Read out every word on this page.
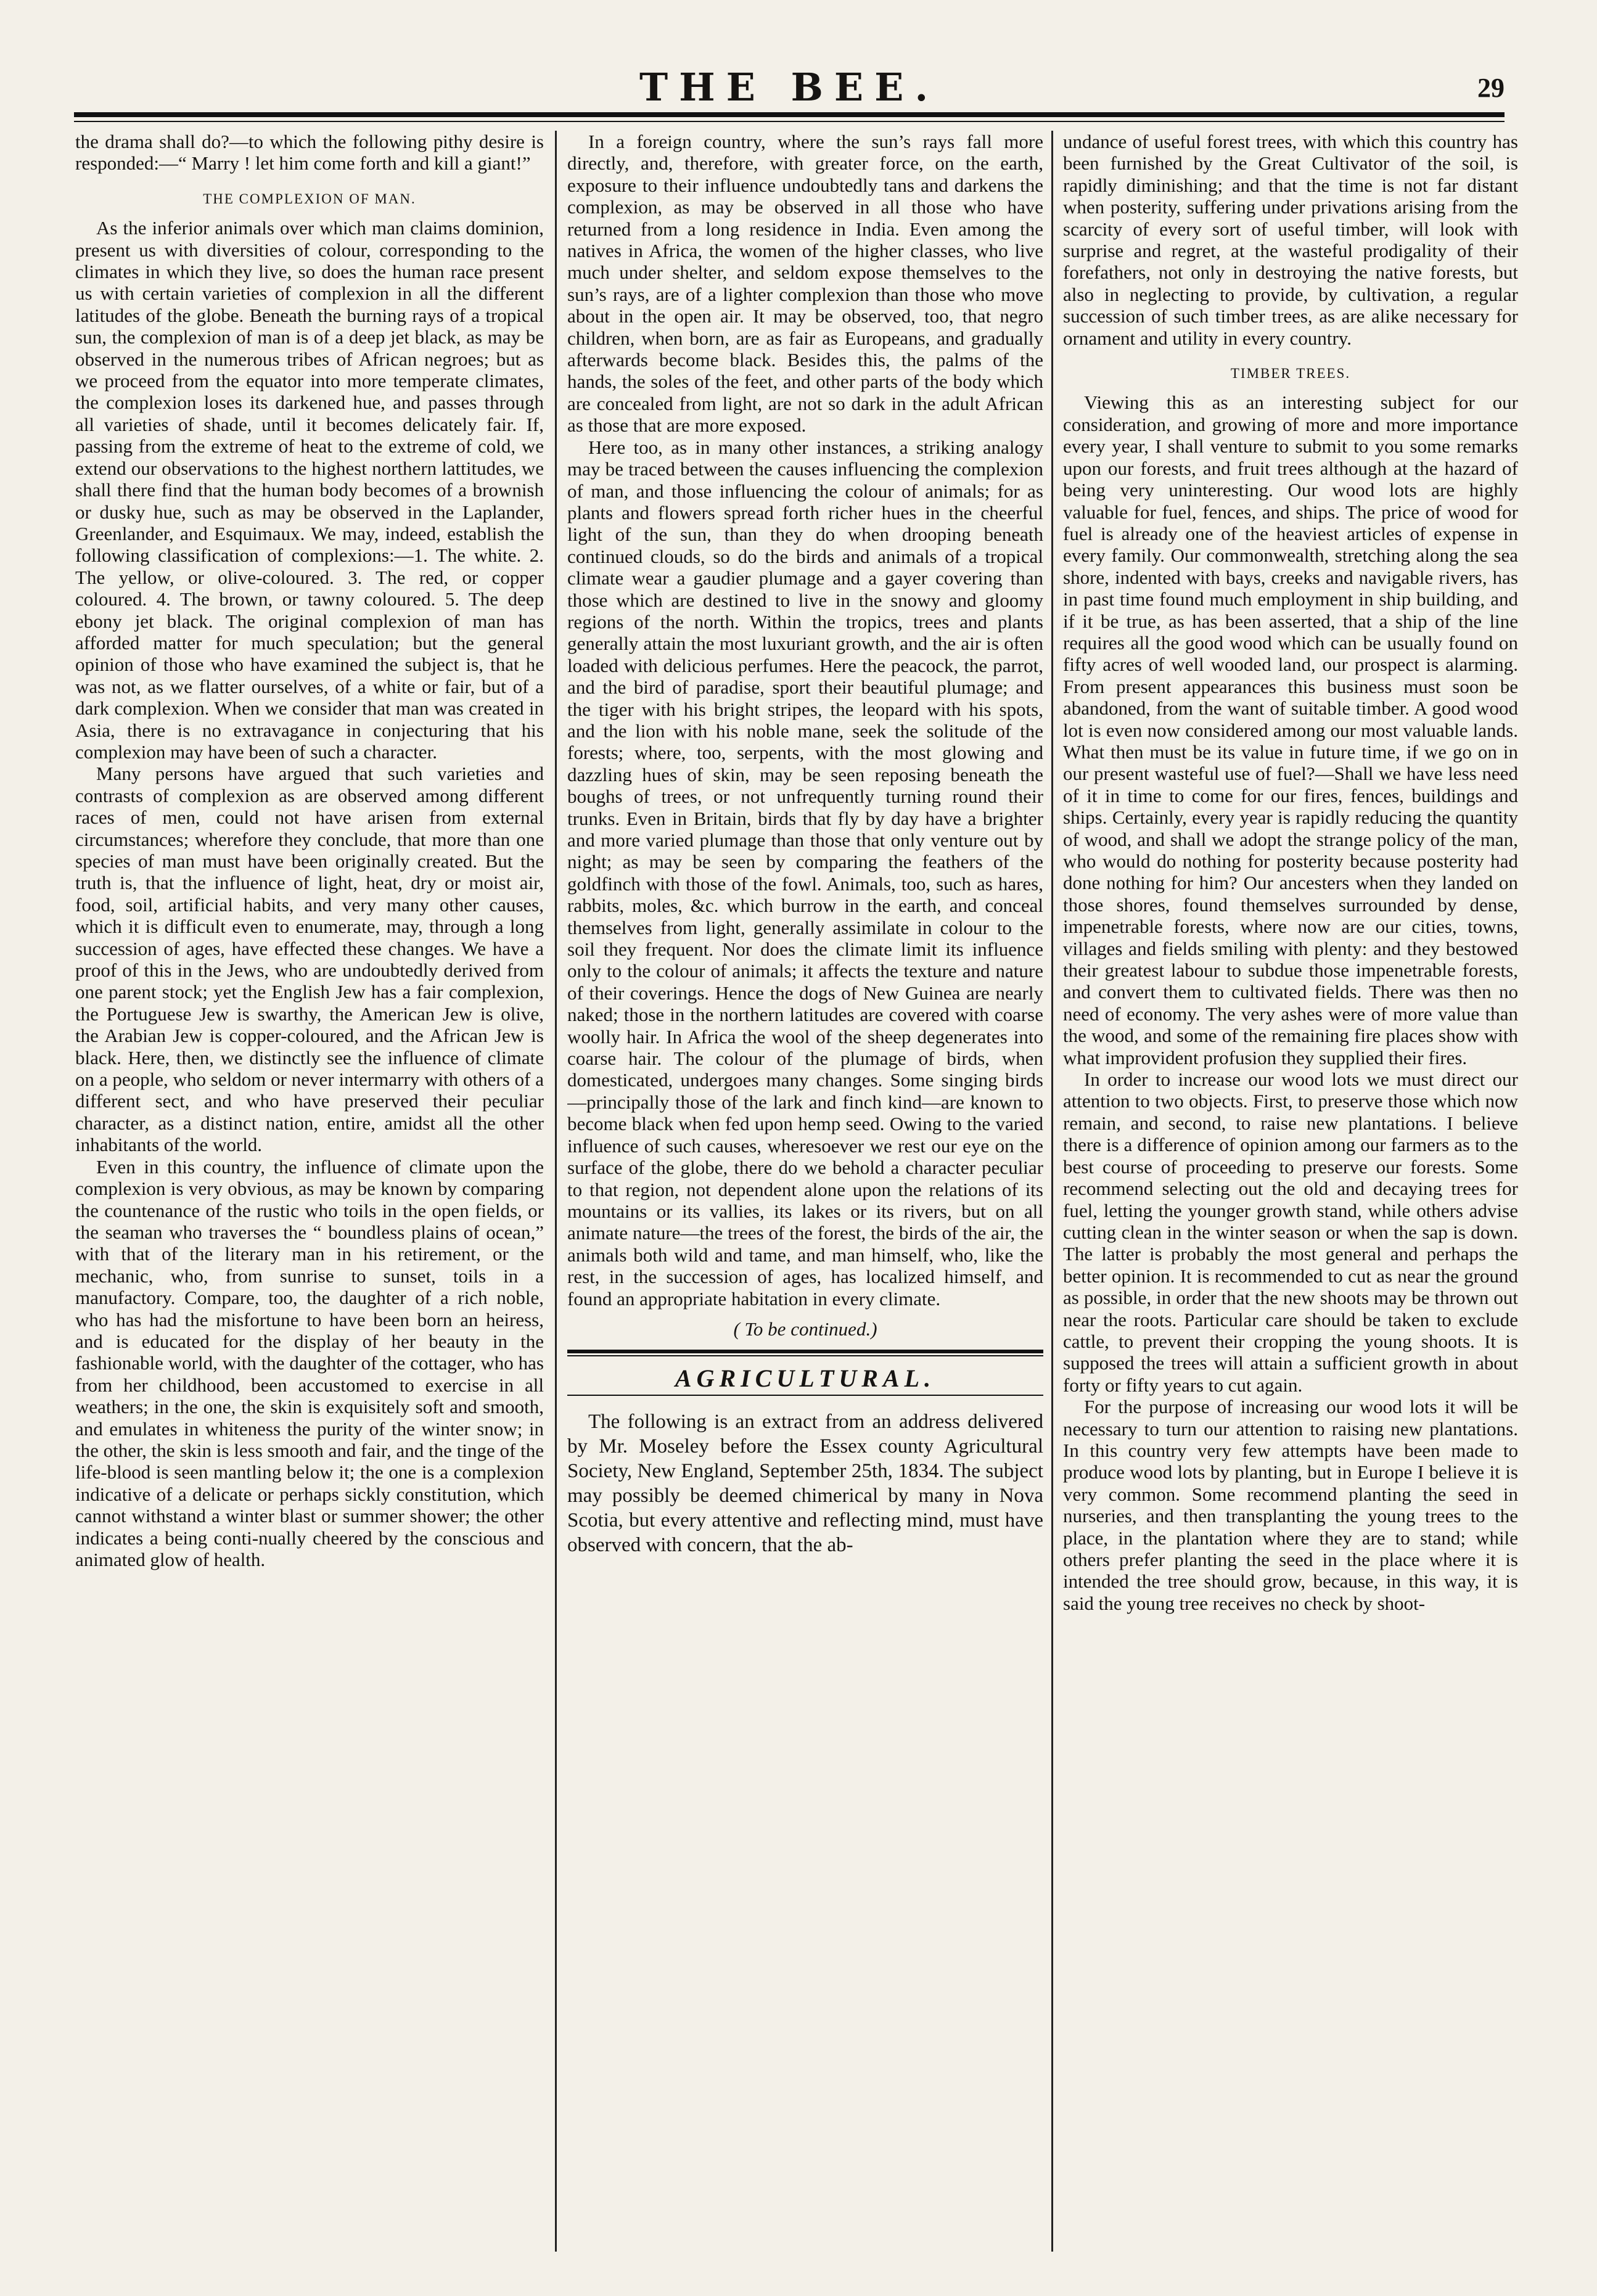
THE BEE.	29

the drama shall do?—to which the following pithy desire is responded:—“ Marry ! let him come forth and kill a giant!”

THE COMPLEXION OF MAN.

As the inferior animals over which man claims dominion, present us with diversities of colour, corresponding to the climates in which they live, so does the human race present us with certain varieties of complexion in all the different latitudes of the globe. Beneath the burning rays of a tropical sun, the complexion of man is of a deep jet black, as may be observed in the numerous tribes of African negroes; but as we proceed from the equator into more temperate climates, the complexion loses its darkened hue, and passes through all varieties of shade, until it becomes delicately fair. If, passing from the extreme of heat to the extreme of cold, we extend our observations to the highest northern lattitudes, we shall there find that the human body becomes of a brownish or dusky hue, such as may be observed in the Laplander, Greenlander, and Esquimaux. We may, indeed, establish the following classification of complexions:—1. The white. 2. The yellow, or olive-coloured. 3. The red, or copper coloured. 4. The brown, or tawny coloured. 5. The deep ebony jet black. The original complexion of man has afforded matter for much speculation; but the general opinion of those who have examined the subject is, that he was not, as we flatter ourselves, of a white or fair, but of a dark complexion. When we consider that man was created in Asia, there is no extravagance in conjecturing that his complexion may have been of such a character.

Many persons have argued that such varieties and contrasts of complexion as are observed among different races of men, could not have arisen from external circumstances; wherefore they conclude, that more than one species of man must have been originally created. But the truth is, that the influence of light, heat, dry or moist air, food, soil, artificial habits, and very many other causes, which it is difficult even to enumerate, may, through a long succession of ages, have effected these changes. We have a proof of this in the Jews, who are undoubtedly derived from one parent stock; yet the English Jew has a fair complexion, the Portuguese Jew is swarthy, the American Jew is olive, the Arabian Jew is copper-coloured, and the African Jew is black. Here, then, we distinctly see the influence of climate on a people, who seldom or never intermarry with others of a different sect, and who have preserved their peculiar character, as a distinct nation, entire, amidst all the other inhabitants of the world.

Even in this country, the influence of climate upon the complexion is very obvious, as may be known by comparing the countenance of the rustic who toils in the open fields, or the seaman who traverses the “ boundless plains of ocean,” with that of the literary man in his retirement, or the mechanic, who, from sunrise to sunset, toils in a manufactory. Compare, too, the daughter of a rich noble, who has had the misfortune to have been born an heiress, and is educated for the display of her beauty in the fashionable world, with the daughter of the cottager, who has from her childhood, been accustomed to exercise in all weathers; in the one, the skin is exquisitely soft and smooth, and emulates in whiteness the purity of the winter snow; in the other, the skin is less smooth and fair, and the tinge of the life-blood is seen mantling below it; the one is a complexion indicative of a delicate or perhaps sickly constitution, which cannot withstand a winter blast or summer shower; the other indicates a being conti-nually cheered by the conscious and animated glow of health.

In a foreign country, where the sun’s rays fall more directly, and, therefore, with greater force, on the earth, exposure to their influence undoubtedly tans and darkens the complexion, as may be observed in all those who have returned from a long residence in India. Even among the natives in Africa, the women of the higher classes, who live much under shelter, and seldom expose themselves to the sun’s rays, are of a lighter complexion than those who move about in the open air. It may be observed, too, that negro children, when born, are as fair as Europeans, and gradually afterwards become black. Besides this, the palms of the hands, the soles of the feet, and other parts of the body which are concealed from light, are not so dark in the adult African as those that are more exposed.

Here too, as in many other instances, a striking analogy may be traced between the causes influencing the complexion of man, and those influencing the colour of animals; for as plants and flowers spread forth richer hues in the cheerful light of the sun, than they do when drooping beneath continued clouds, so do the birds and animals of a tropical climate wear a gaudier plumage and a gayer covering than those which are destined to live in the snowy and gloomy regions of the north. Within the tropics, trees and plants generally attain the most luxuriant growth, and the air is often loaded with delicious perfumes. Here the peacock, the parrot, and the bird of paradise, sport their beautiful plumage; and the tiger with his bright stripes, the leopard with his spots, and the lion with his noble mane, seek the solitude of the forests; where, too, serpents, with the most glowing and dazzling hues of skin, may be seen reposing beneath the boughs of trees, or not unfrequently turning round their trunks. Even in Britain, birds that fly by day have a brighter and more varied plumage than those that only venture out by night; as may be seen by comparing the feathers of the goldfinch with those of the fowl. Animals, too, such as hares, rabbits, moles, &c. which burrow in the earth, and conceal themselves from light, generally assimilate in colour to the soil they frequent. Nor does the climate limit its influence only to the colour of animals; it affects the texture and nature of their coverings. Hence the dogs of New Guinea are nearly naked; those in the northern latitudes are covered with coarse woolly hair. In Africa the wool of the sheep degenerates into coarse hair. The colour of the plumage of birds, when domesticated, undergoes many changes. Some singing birds—principally those of the lark and finch kind—are known to become black when fed upon hemp seed. Owing to the varied influence of such causes, wheresoever we rest our eye on the surface of the globe, there do we behold a character peculiar to that region, not dependent alone upon the relations of its mountains or its vallies, its lakes or its rivers, but on all animate nature—the trees of the forest, the birds of the air, the animals both wild and tame, and man himself, who, like the rest, in the succession of ages, has localized himself, and found an appropriate habitation in every climate.

( To be continued.)
AGRICULTURAL.

The following is an extract from an address delivered by Mr. Moseley before the Essex county Agricultural Society, New England, September 25th, 1834. The subject may possibly be deemed chimerical by many in Nova Scotia, but every attentive and reflecting mind, must have observed with concern, that the ab-

undance of useful forest trees, with which this country has been furnished by the Great Cultivator of the soil, is rapidly diminishing; and that the time is not far distant when posterity, suffering under privations arising from the scarcity of every sort of useful timber, will look with surprise and regret, at the wasteful prodigality of their forefathers, not only in destroying the native forests, but also in neglecting to provide, by cultivation, a regular succession of such timber trees, as are alike necessary for ornament and utility in every country.

TIMBER TREES.

Viewing this as an interesting subject for our consideration, and growing of more and more importance every year, I shall venture to submit to you some remarks upon our forests, and fruit trees although at the hazard of being very uninteresting. Our wood lots are highly valuable for fuel, fences, and ships. The price of wood for fuel is already one of the heaviest articles of expense in every family. Our commonwealth, stretching along the sea shore, indented with bays, creeks and navigable rivers, has in past time found much employment in ship building, and if it be true, as has been asserted, that a ship of the line requires all the good wood which can be usually found on fifty acres of well wooded land, our prospect is alarming. From present appearances this business must soon be abandoned, from the want of suitable timber. A good wood lot is even now considered among our most valuable lands. What then must be its value in future time, if we go on in our present wasteful use of fuel?—Shall we have less need of it in time to come for our fires, fences, buildings and ships. Certainly, every year is rapidly reducing the quantity of wood, and shall we adopt the strange policy of the man, who would do nothing for posterity because posterity had done nothing for him? Our ancesters when they landed on those shores, found themselves surrounded by dense, impenetrable forests, where now are our cities, towns, villages and fields smiling with plenty: and they bestowed their greatest labour to subdue those impenetrable forests, and convert them to cultivated fields. There was then no need of economy. The very ashes were of more value than the wood, and some of the remaining fire places show with what improvident profusion they supplied their fires.

In order to increase our wood lots we must direct our attention to two objects. First, to preserve those which now remain, and second, to raise new plantations. I believe there is a difference of opinion among our farmers as to the best course of proceeding to preserve our forests. Some recommend selecting out the old and decaying trees for fuel, letting the younger growth stand, while others advise cutting clean in the winter season or when the sap is down. The latter is probably the most general and perhaps the better opinion. It is recommended to cut as near the ground as possible, in order that the new shoots may be thrown out near the roots. Particular care should be taken to exclude cattle, to prevent their cropping the young shoots. It is supposed the trees will attain a sufficient growth in about forty or fifty years to cut again.

For the purpose of increasing our wood lots it will be necessary to turn our attention to raising new plantations. In this country very few attempts have been made to produce wood lots by planting, but in Europe I believe it is very common. Some recommend planting the seed in nurseries, and then transplanting the young trees to the place, in the plantation where they are to stand; while others prefer planting the seed in the place where it is intended the tree should grow, because, in this way, it is said the young tree receives no check by shoot-
